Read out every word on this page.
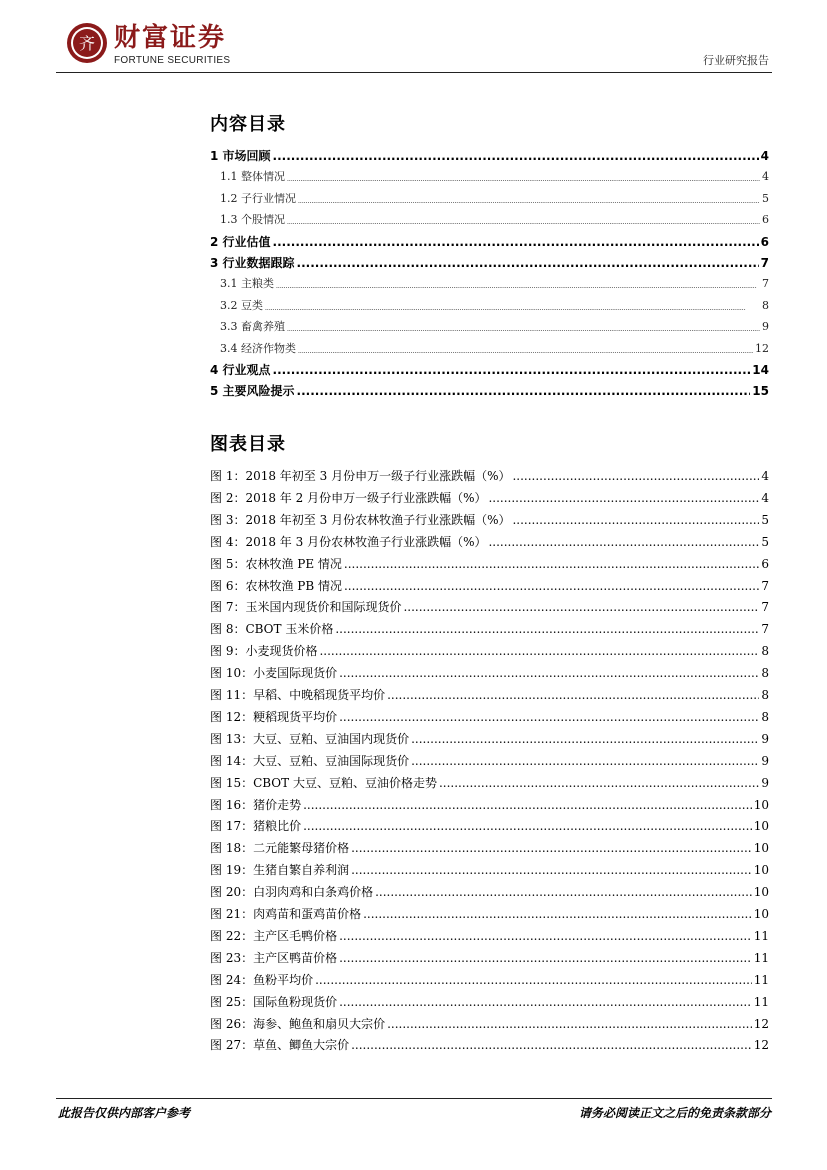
齐 财富证券
FORTUNE SECURITIES	行业研究报告
内容目录
1 市场回顾 .....	4
1.1 整体情况 .....	4
1.2 子行业情况 .....	5
1.3 个股情况 .....	6
2 行业估值 .....	6
3 行业数据跟踪 .....	7
3.1 主粮类 .....	7
3.2 豆类 .....	8
3.3 畜禽养殖 .....	9
3.4 经济作物类 .....	12
4 行业观点 .....	14
5 主要风险提示 .....	15
图表目录
图 1：2018 年初至 3 月份申万一级子行业涨跌幅（%） .....	4
图 2：2018 年 2 月份申万一级子行业涨跌幅（%） .....	4
图 3：2018 年初至 3 月份农林牧渔子行业涨跌幅（%） .....	5
图 4：2018 年 3 月份农林牧渔子行业涨跌幅（%） .....	5
图 5：农林牧渔 PE 情况 .....	6
图 6：农林牧渔 PB 情况 .....	7
图 7：玉米国内现货价和国际现货价 .....	7
图 8：CBOT 玉米价格 .....	7
图 9：小麦现货价格 .....	8
图 10：小麦国际现货价 .....	8
图 11：早稻、中晚稻现货平均价 .....	8
图 12：粳稻现货平均价 .....	8
图 13：大豆、豆粕、豆油国内现货价 .....	9
图 14：大豆、豆粕、豆油国际现货价 .....	9
图 15：CBOT 大豆、豆粕、豆油价格走势 .....	9
图 16：猪价走势 .....	10
图 17：猪粮比价 .....	10
图 18：二元能繁母猪价格 .....	10
图 19：生猪自繁自养利润 .....	10
图 20：白羽肉鸡和白条鸡价格 .....	10
图 21：肉鸡苗和蛋鸡苗价格 .....	10
图 22：主产区毛鸭价格 .....	11
图 23：主产区鸭苗价格 .....	11
图 24：鱼粉平均价 .....	11
图 25：国际鱼粉现货价 .....	11
图 26：海参、鲍鱼和扇贝大宗价 .....	12
图 27：草鱼、鲫鱼大宗价 .....	12
此报告仅供内部客户参考	请务必阅读正文之后的免责条款部分
